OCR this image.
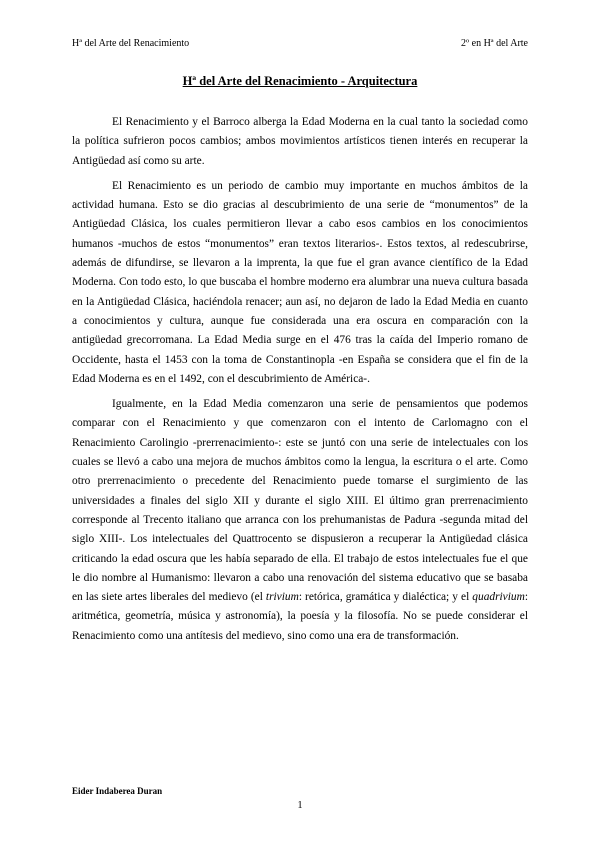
Hª del Arte del Renacimiento	2º en Hª del Arte
Hª del Arte del Renacimiento - Arquitectura

El Renacimiento y el Barroco alberga la Edad Moderna en la cual tanto la sociedad como la política sufrieron pocos cambios; ambos movimientos artísticos tienen interés en recuperar la Antigüedad así como su arte.

El Renacimiento es un periodo de cambio muy importante en muchos ámbitos de la actividad humana. Esto se dio gracias al descubrimiento de una serie de “monumentos” de la Antigüedad Clásica, los cuales permitieron llevar a cabo esos cambios en los conocimientos humanos -muchos de estos “monumentos” eran textos literarios-. Estos textos, al redescubrirse, además de difundirse, se llevaron a la imprenta, la que fue el gran avance científico de la Edad Moderna. Con todo esto, lo que buscaba el hombre moderno era alumbrar una nueva cultura basada en la Antigüedad Clásica, haciéndola renacer; aun así, no dejaron de lado la Edad Media en cuanto a conocimientos y cultura, aunque fue considerada una era oscura en comparación con la antigüedad grecorromana. La Edad Media surge en el 476 tras la caída del Imperio romano de Occidente, hasta el 1453 con la toma de Constantinopla -en España se considera que el fin de la Edad Moderna es en el 1492, con el descubrimiento de América-.

Igualmente, en la Edad Media comenzaron una serie de pensamientos que podemos comparar con el Renacimiento y que comenzaron con el intento de Carlomagno con el Renacimiento Carolingio -prerrenacimiento-: este se juntó con una serie de intelectuales con los cuales se llevó a cabo una mejora de muchos ámbitos como la lengua, la escritura o el arte. Como otro prerrenacimiento o precedente del Renacimiento puede tomarse el surgimiento de las universidades a finales del siglo XII y durante el siglo XIII. El último gran prerrenacimiento corresponde al Trecento italiano que arranca con los prehumanistas de Padura -segunda mitad del siglo XIII-. Los intelectuales del Quattrocento se dispusieron a recuperar la Antigüedad clásica criticando la edad oscura que les había separado de ella. El trabajo de estos intelectuales fue el que le dio nombre al Humanismo: llevaron a cabo una renovación del sistema educativo que se basaba en las siete artes liberales del medievo (el trivium: retórica, gramática y dialéctica; y el quadrivium: aritmética, geometría, música y astronomía), la poesía y la filosofía. No se puede considerar el Renacimiento como una antítesis del medievo, sino como una era de transformación.

Eider Indaberea Duran
1
